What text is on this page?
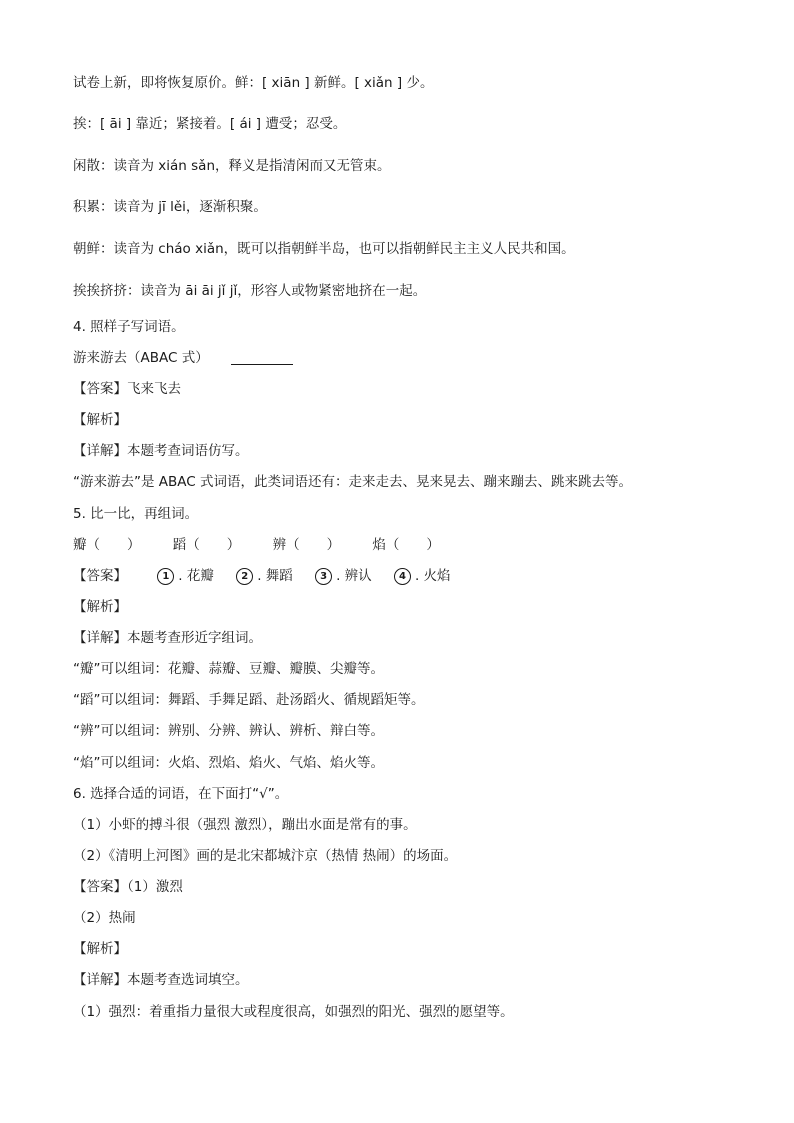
试卷上新，即将恢复原价。鲜：[ xiān ] 新鲜。[ xiǎn ] 少。
挨：[ āi ] 靠近；紧接着。[ ái ] 遭受；忍受。
闲散：读音为 xián sǎn，释义是指清闲而又无管束。
积累：读音为 jī lěi，逐渐积聚。
朝鲜：读音为 cháo xiǎn，既可以指朝鲜半岛，也可以指朝鲜民主主义人民共和国。
挨挨挤挤：读音为 āi āi jǐ jǐ，形容人或物紧密地挤在一起。
4. 照样子写词语。
游来游去（ABAC 式）
【答案】飞来飞去
【解析】
【详解】本题考查词语仿写。
“游来游去”是 ABAC 式词语，此类词语还有：走来走去、晃来晃去、蹦来蹦去、跳来跳去等。
5. 比一比，再组词。
瓣（　　） 蹈（　　） 辨（　　） 焰（　　）
【答案】	1 . 花瓣	2 . 舞蹈	3 . 辨认	4 . 火焰
【解析】
【详解】本题考查形近字组词。
“瓣”可以组词：花瓣、蒜瓣、豆瓣、瓣膜、尖瓣等。
“蹈”可以组词：舞蹈、手舞足蹈、赴汤蹈火、循规蹈矩等。
“辨”可以组词：辨别、分辨、辨认、辨析、辩白等。
“焰”可以组词：火焰、烈焰、焰火、气焰、焰火等。
6. 选择合适的词语，在下面打“√”。
（1）小虾的搏斗很（强烈 激烈），蹦出水面是常有的事。
（2）《清明上河图》画的是北宋都城汴京（热情 热闹）的场面。
【答案】（1）激烈
（2）热闹
【解析】
【详解】本题考查选词填空。
（1）强烈：着重指力量很大或程度很高，如强烈的阳光、强烈的愿望等。
